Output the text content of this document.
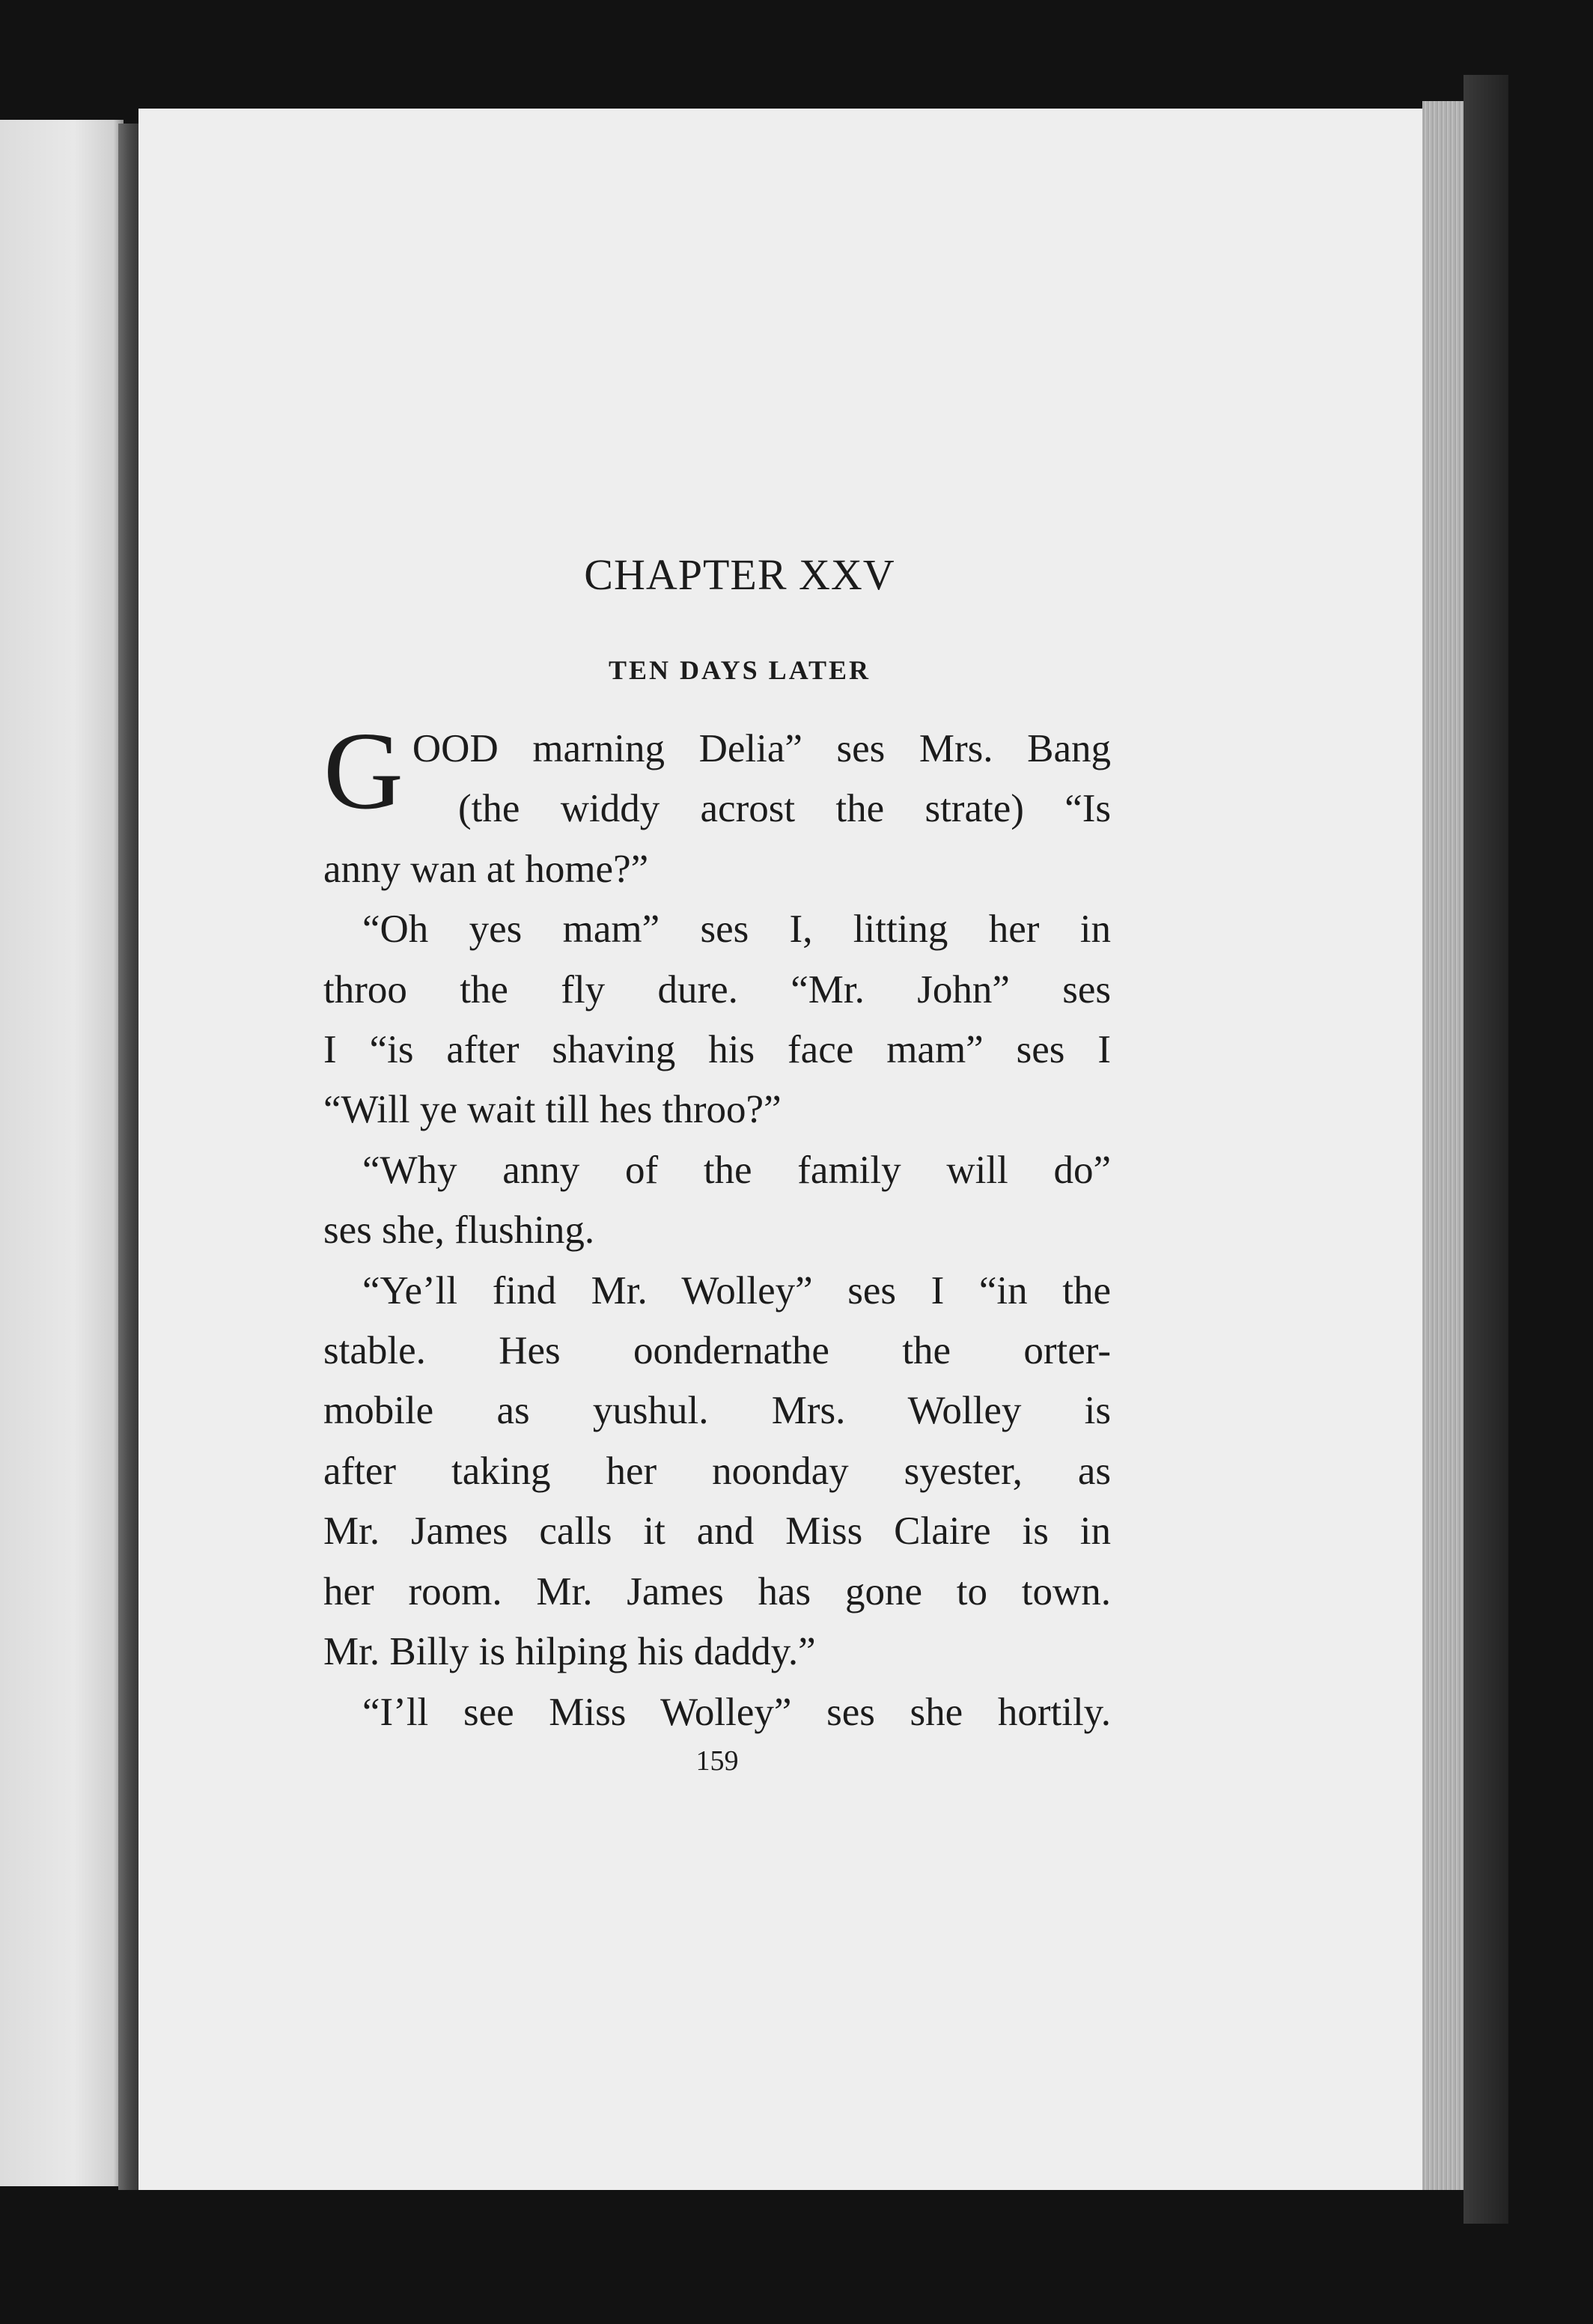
CHAPTER XXV
TEN DAYS LATER
G OOD marning Delia” ses Mrs. Bang
(the widdy acrost the strate) “Is
anny wan at home?”
“Oh yes mam” ses I, litting her in
throo the fly dure. “Mr. John” ses
I “is after shaving his face mam” ses I
“Will ye wait till hes throo?”
“Why anny of the family will do”
ses she, flushing.
“Ye’ll find Mr. Wolley” ses I “in the
stable. Hes oondernathe the orter-
mobile as yushul. Mrs. Wolley is
after taking her noonday syester, as
Mr. James calls it and Miss Claire is in
her room. Mr. James has gone to town.
Mr. Billy is hilping his daddy.”
“I’ll see Miss Wolley” ses she hortily.
159
